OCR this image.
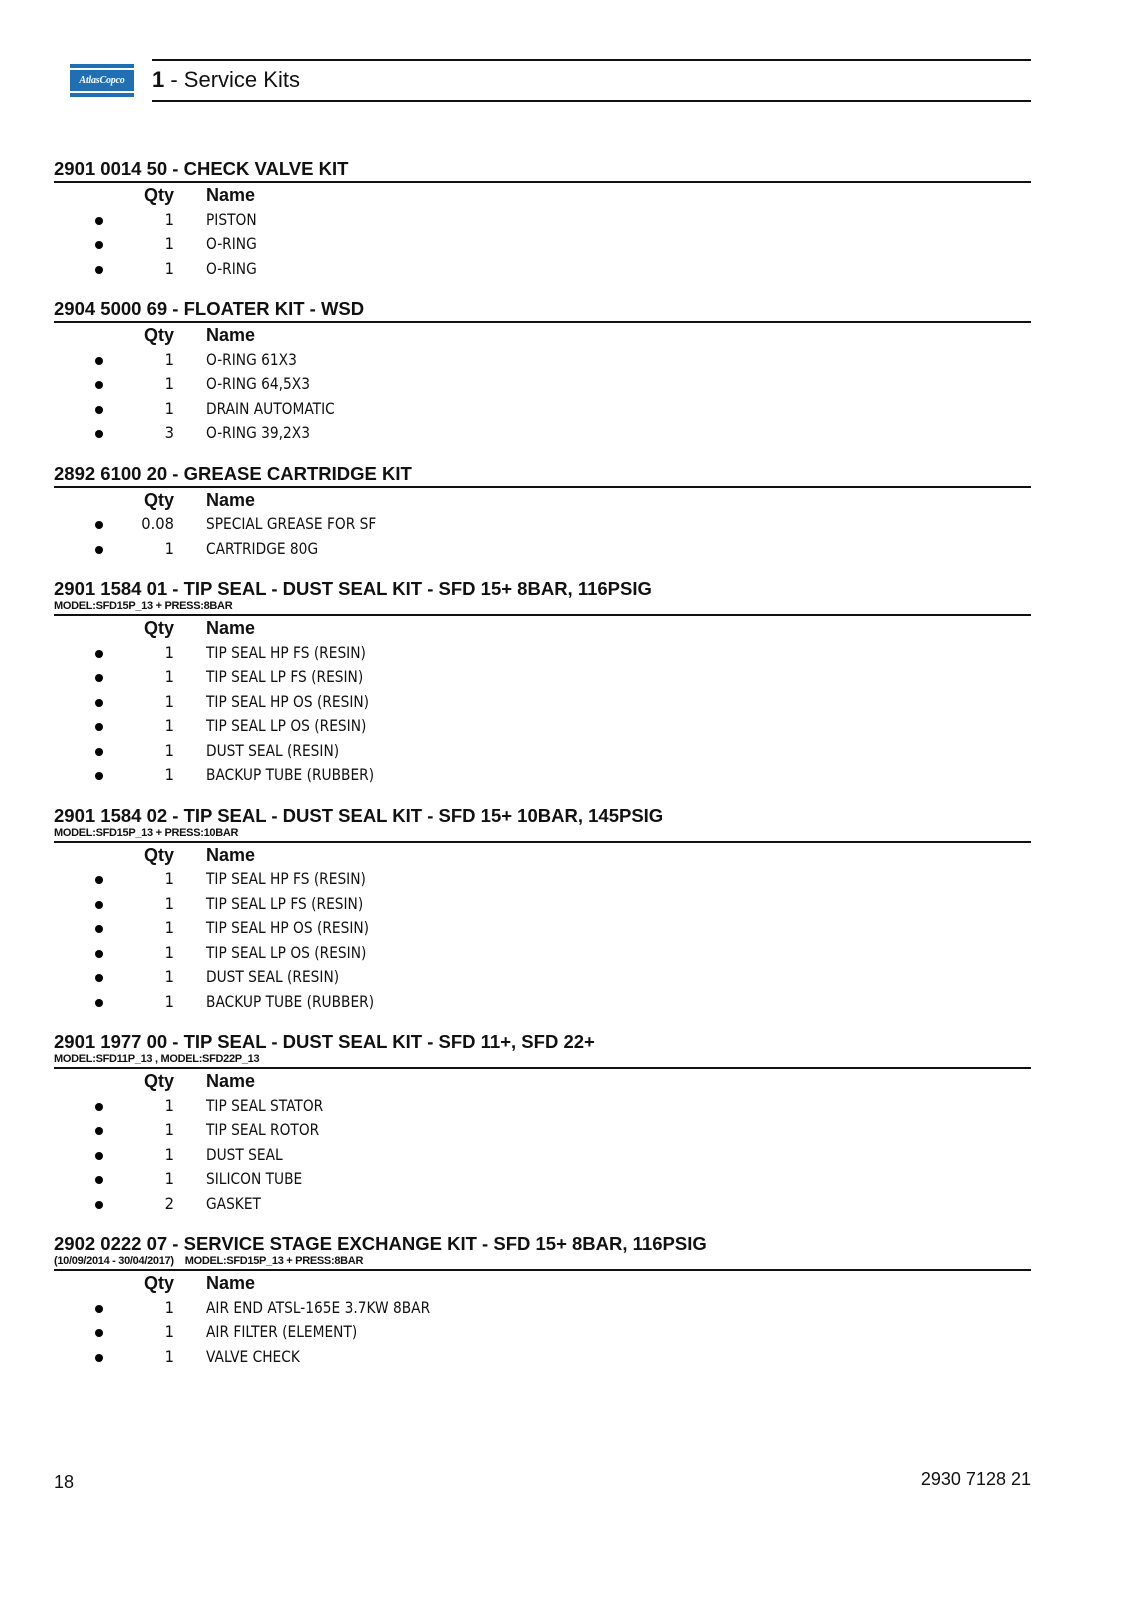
AtlasCopco	1 - Service Kits
2901 0014 50 - CHECK VALVE KIT
Qty	Name
1 PISTON
1 O-RING
1 O-RING
2904 5000 69 - FLOATER KIT - WSD
Qty	Name
1 O-RING 61X3
1 O-RING 64,5X3
1 DRAIN AUTOMATIC
3 O-RING 39,2X3
2892 6100 20 - GREASE CARTRIDGE KIT
Qty	Name
0.08 SPECIAL GREASE FOR SF
1 CARTRIDGE 80G
2901 1584 01 - TIP SEAL - DUST SEAL KIT - SFD 15+ 8BAR, 116PSIG
MODEL:SFD15P_13 + PRESS:8BAR
Qty	Name
1 TIP SEAL HP FS (RESIN)
1 TIP SEAL LP FS (RESIN)
1 TIP SEAL HP OS (RESIN)
1 TIP SEAL LP OS (RESIN)
1 DUST SEAL (RESIN)
1 BACKUP TUBE (RUBBER)
2901 1584 02 - TIP SEAL - DUST SEAL KIT - SFD 15+ 10BAR, 145PSIG
MODEL:SFD15P_13 + PRESS:10BAR
Qty	Name
1 TIP SEAL HP FS (RESIN)
1 TIP SEAL LP FS (RESIN)
1 TIP SEAL HP OS (RESIN)
1 TIP SEAL LP OS (RESIN)
1 DUST SEAL (RESIN)
1 BACKUP TUBE (RUBBER)
2901 1977 00 - TIP SEAL - DUST SEAL KIT - SFD 11+, SFD 22+
MODEL:SFD11P_13 , MODEL:SFD22P_13
Qty	Name
1 TIP SEAL STATOR
1 TIP SEAL ROTOR
1 DUST SEAL
1 SILICON TUBE
2 GASKET
2902 0222 07 - SERVICE STAGE EXCHANGE KIT - SFD 15+ 8BAR, 116PSIG
(10/09/2014 - 30/04/2017)    MODEL:SFD15P_13 + PRESS:8BAR
Qty	Name
1 AIR END ATSL-165E 3.7KW 8BAR
1 AIR FILTER (ELEMENT)
1 VALVE CHECK
18	2930 7128 21
